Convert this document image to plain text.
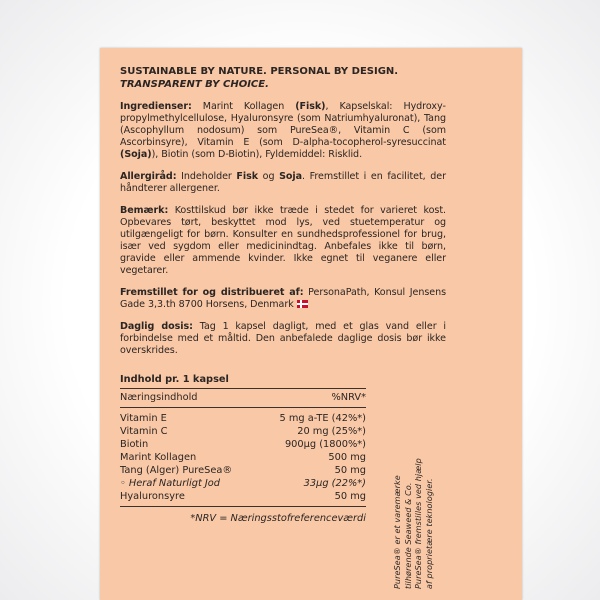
SUSTAINABLE BY NATURE. PERSONAL BY DESIGN.
TRANSPARENT BY CHOICE.
Ingredienser: Marint Kollagen (Fisk), Kapselskal: Hydroxypropylmethylcellulose, Hyaluronsyre (som Natriumhyaluronat), Tang (Ascophyllum nodosum) som PureSea®, Vitamin C (som Ascorbinsyre), Vitamin E (som D-alpha-tocopherol-syresuccinat (Soja)), Biotin (som D-Biotin), Fyldemiddel: Risklid.
Allergiråd: Indeholder Fisk og Soja. Fremstillet i en facilitet, der håndterer allergener.
Bemærk: Kosttilskud bør ikke træde i stedet for varieret kost. Opbevares tørt, beskyttet mod lys, ved stuetemperatur og utilgængeligt for børn. Konsulter en sundhedsprofessionel for brug, især ved sygdom eller medicinindtag. Anbefales ikke til børn, gravide eller ammende kvinder. Ikke egnet til veganere eller vegetarer.
Fremstillet for og distribueret af: PersonaPath, Konsul Jensens Gade 3,3.th 8700 Horsens, Denmark
Daglig dosis: Tag 1 kapsel dagligt, med et glas vand eller i forbindelse med et måltid. Den anbefalede daglige dosis bør ikke overskrides.
Indhold pr. 1 kapsel
Næringsindhold	%NRV*
Vitamin E	5 mg a-TE (42%*)
Vitamin C	20 mg (25%*)
Biotin	900µg (1800%*)
Marint Kollagen	500 mg
Tang (Alger) PureSea®	50 mg
◦ Heraf Naturligt Jod	33µg (22%*)
Hyaluronsyre	50 mg
*NRV = Næringsstofreferenceværdi	PureSea® er et varemærke tilhørende Seaweed & Co. PureSea® fremstilles ved hjælp af proprietære teknologier.
